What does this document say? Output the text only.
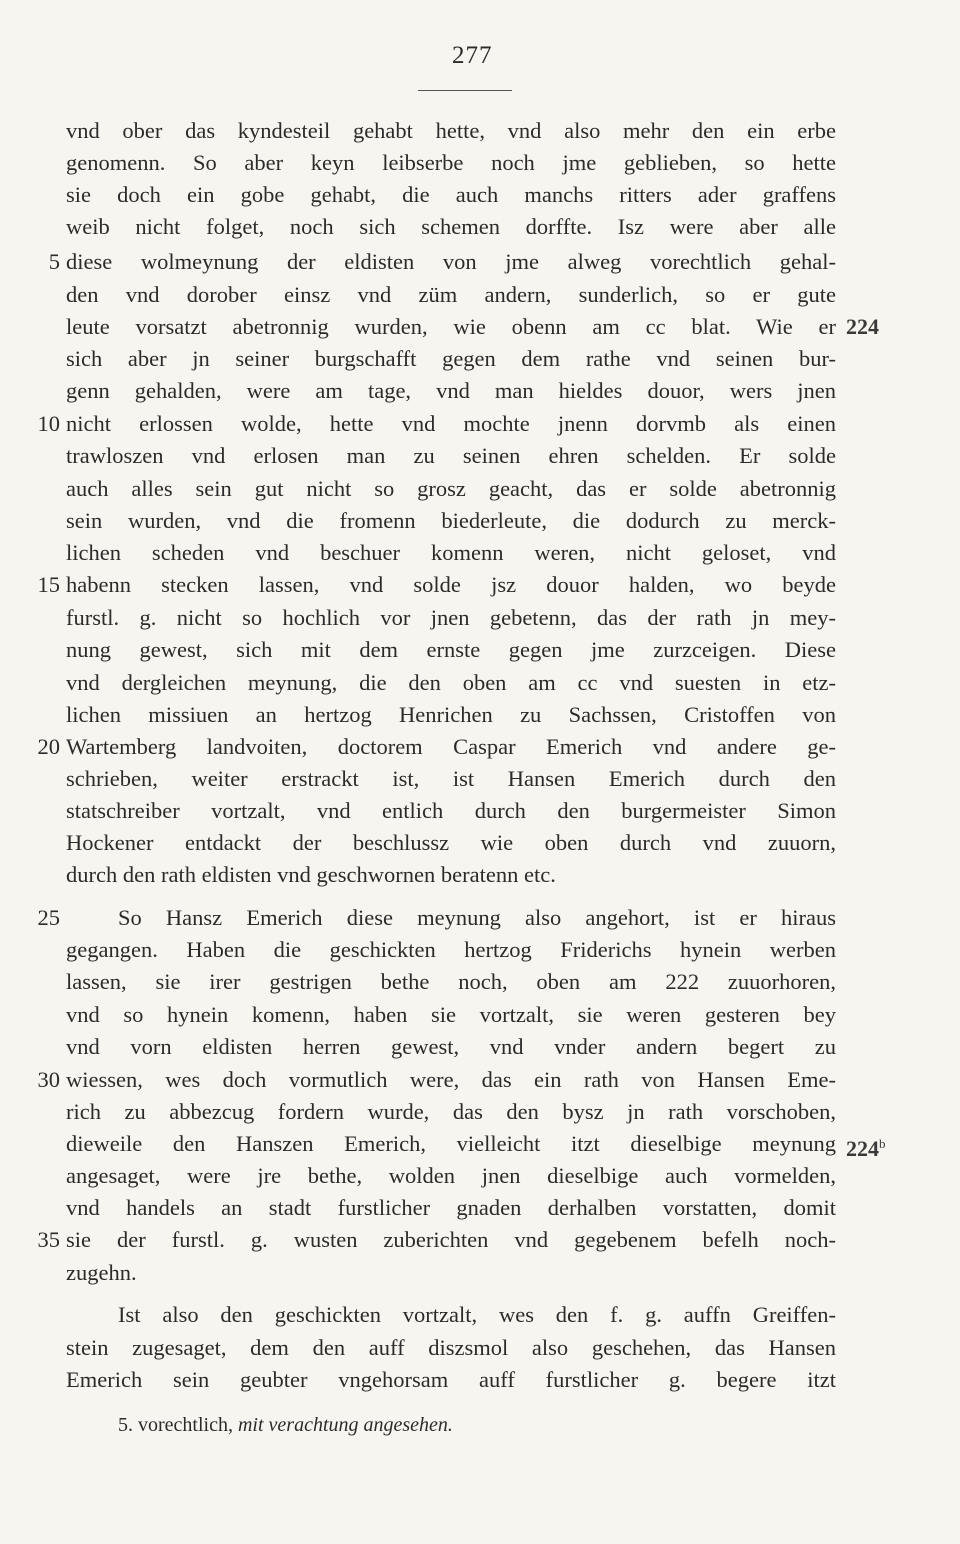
277
vnd ober das kyndesteil gehabt hette, vnd also mehr den ein erbe
genomenn. So aber keyn leibserbe noch jme geblieben, so hette
sie doch ein gobe gehabt, die auch manchs ritters ader graffens
weib nicht folget, noch sich schemen dorffte. Isz were aber alle
diese wolmeynung der eldisten von jme alweg vorechtlich gehal-
den vnd dorober einsz vnd züm andern, sunderlich, so er gute
leute vorsatzt abetronnig wurden, wie obenn am cc blat. Wie er
sich aber jn seiner burgschafft gegen dem rathe vnd seinen bur-
genn gehalden, were am tage, vnd man hieldes douor, wers jnen
nicht erlossen wolde, hette vnd mochte jnenn dorvmb als einen
trawloszen vnd erlosen man zu seinen ehren schelden. Er solde
auch alles sein gut nicht so grosz geacht, das er solde abetronnig
sein wurden, vnd die fromenn biederleute, die dodurch zu merck-
lichen scheden vnd beschuer komenn weren, nicht geloset, vnd
habenn stecken lassen, vnd solde jsz douor halden, wo beyde
furstl. g. nicht so hochlich vor jnen gebetenn, das der rath jn mey-
nung gewest, sich mit dem ernste gegen jme zurzceigen. Diese
vnd dergleichen meynung, die den oben am cc vnd suesten in etz-
lichen missiuen an hertzog Henrichen zu Sachssen, Cristoffen von
Wartemberg landvoiten, doctorem Caspar Emerich vnd andere ge-
schrieben, weiter erstrackt ist, ist Hansen Emerich durch den
statschreiber vortzalt, vnd entlich durch den burgermeister Simon
Hockener entdackt der beschlussz wie oben durch vnd zuuorn,
durch den rath eldisten vnd geschwornen beratenn etc.
So Hansz Emerich diese meynung also angehort, ist er hiraus
gegangen. Haben die geschickten hertzog Friderichs hynein werben
lassen, sie irer gestrigen bethe noch, oben am 222 zuuorhoren,
vnd so hynein komenn, haben sie vortzalt, sie weren gesteren bey
vnd vorn eldisten herren gewest, vnd vnder andern begert zu
wiessen, wes doch vormutlich were, das ein rath von Hansen Eme-
rich zu abbezcug fordern wurde, das den bysz jn rath vorschoben,
dieweile den Hanszen Emerich, vielleicht itzt dieselbige meynung
angesaget, were jre bethe, wolden jnen dieselbige auch vormelden,
vnd handels an stadt furstlicher gnaden derhalben vorstatten, domit
sie der furstl. g. wusten zuberichten vnd gegebenem befelh noch-
zugehn.
Ist also den geschickten vortzalt, wes den f. g. auffn Greiffen-
stein zugesaget, dem den auff diszsmol also geschehen, das Hansen
Emerich sein geubter vngehorsam auff furstlicher g. begere itzt
5
10
15
20
25
30
35
224
224$^b$
5. vorechtlich, mit verachtung angesehen.
